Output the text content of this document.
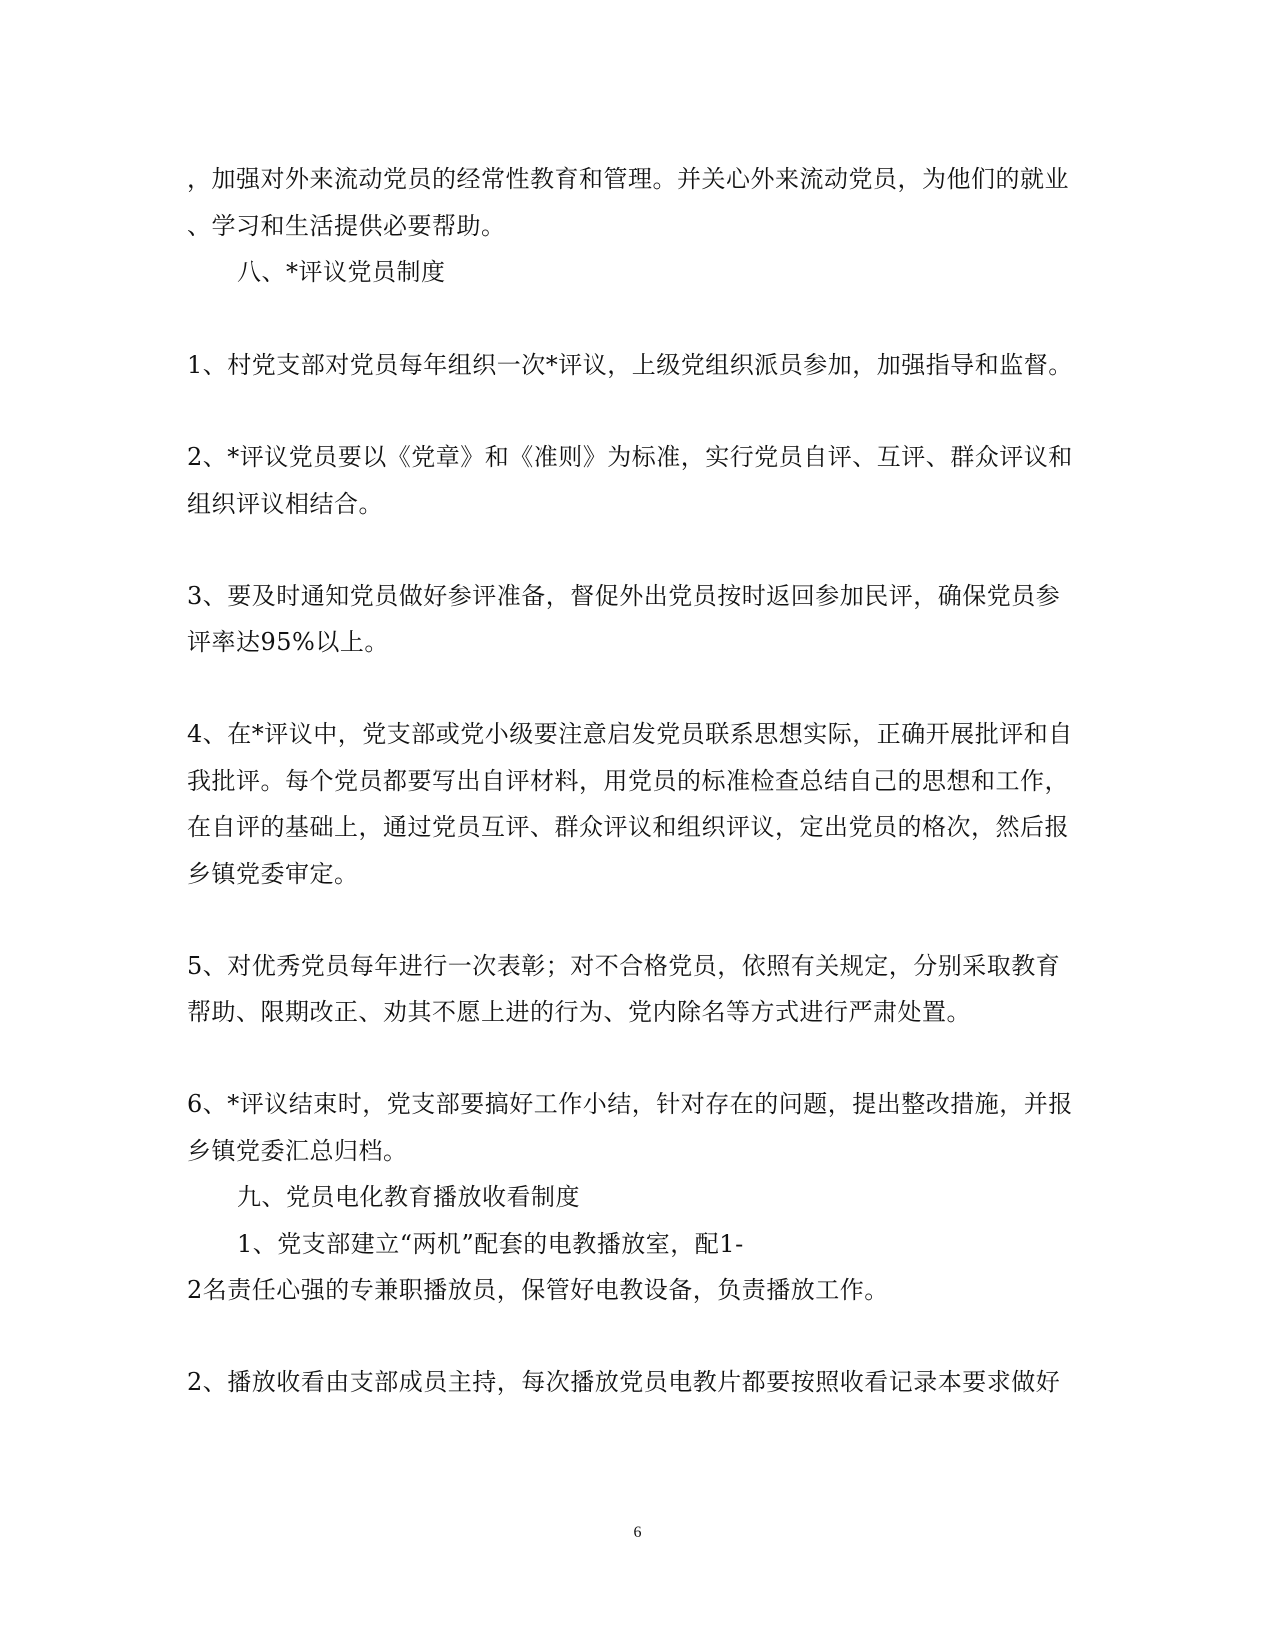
，加强对外来流动党员的经常性教育和管理。并关心外来流动党员，为他们的就业
、学习和生活提供必要帮助。
八、*评议党员制度
1、村党支部对党员每年组织一次*评议，上级党组织派员参加，加强指导和监督。
2、*评议党员要以《党章》和《准则》为标准，实行党员自评、互评、群众评议和
组织评议相结合。
3、要及时通知党员做好参评准备，督促外出党员按时返回参加民评，确保党员参
评率达95%以上。
4、在*评议中，党支部或党小级要注意启发党员联系思想实际，正确开展批评和自
我批评。每个党员都要写出自评材料，用党员的标准检查总结自己的思想和工作，
在自评的基础上，通过党员互评、群众评议和组织评议，定出党员的格次，然后报
乡镇党委审定。
5、对优秀党员每年进行一次表彰；对不合格党员，依照有关规定，分别采取教育
帮助、限期改正、劝其不愿上进的行为、党内除名等方式进行严肃处置。
6、*评议结束时，党支部要搞好工作小结，针对存在的问题，提出整改措施，并报
乡镇党委汇总归档。
九、党员电化教育播放收看制度
1、党支部建立“两机”配套的电教播放室，配1-
2名责任心强的专兼职播放员，保管好电教设备，负责播放工作。
2、播放收看由支部成员主持，每次播放党员电教片都要按照收看记录本要求做好
6
